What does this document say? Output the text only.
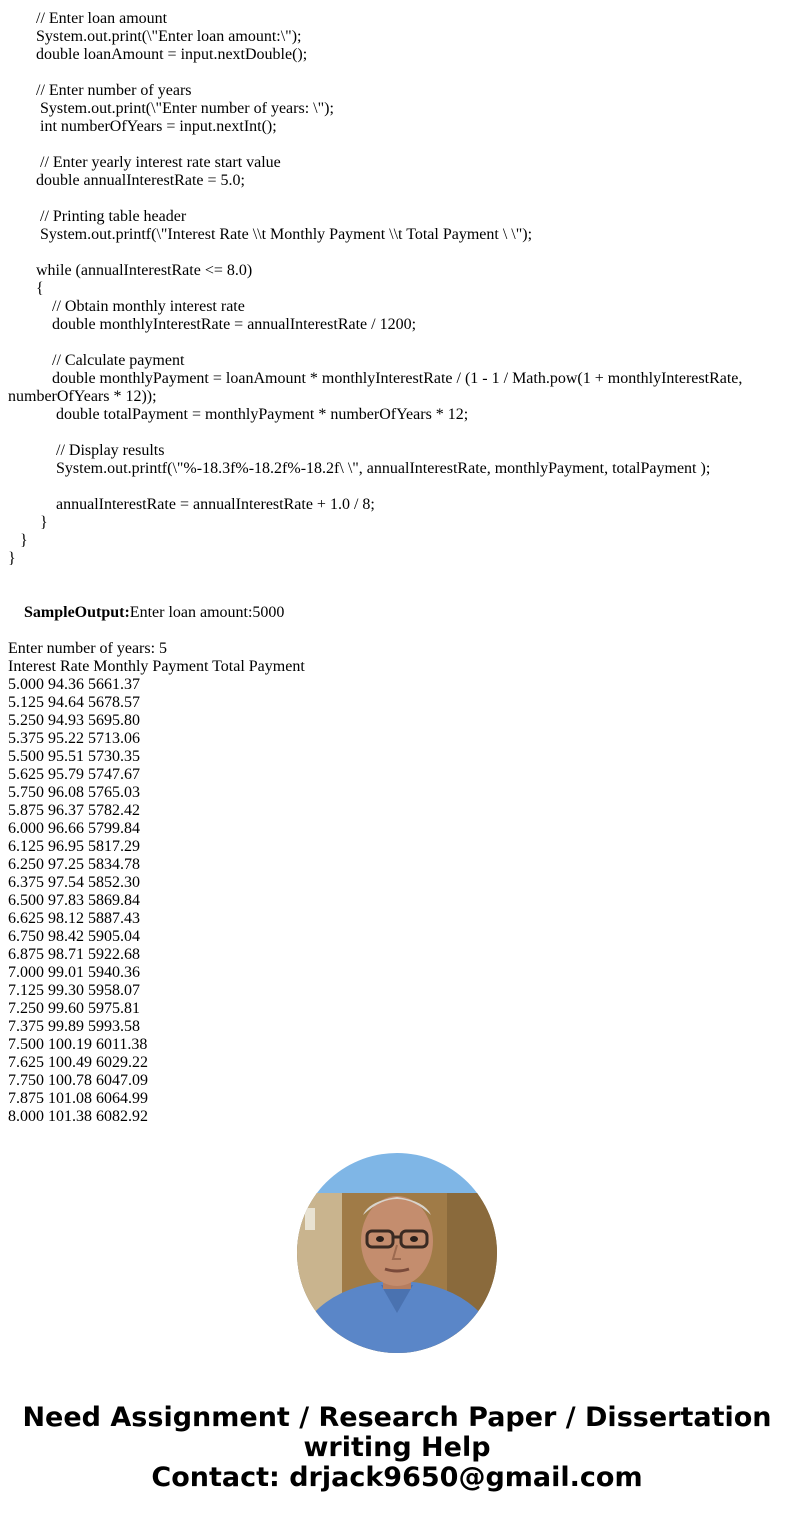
// Enter loan amount
System.out.print(\"Enter loan amount:\");
double loanAmount = input.nextDouble();
// Enter number of years
System.out.print(\"Enter number of years: \");
int numberOfYears = input.nextInt();
// Enter yearly interest rate start value
double annualInterestRate = 5.0;
// Printing table header
System.out.printf(\"Interest Rate \\t Monthly Payment \\t Total Payment \ \");
while (annualInterestRate <= 8.0)
{
// Obtain monthly interest rate
double monthlyInterestRate = annualInterestRate / 1200;
// Calculate payment
double monthlyPayment = loanAmount * monthlyInterestRate / (1 - 1 / Math.pow(1 + monthlyInterestRate, numberOfYears * 12));
double totalPayment = monthlyPayment * numberOfYears * 12;
// Display results
System.out.printf(\"%-18.3f%-18.2f%-18.2f\ \", annualInterestRate, monthlyPayment, totalPayment );
annualInterestRate = annualInterestRate + 1.0 / 8;
}
}
}

SampleOutput:Enter loan amount:5000

Enter number of years: 5
Interest Rate Monthly Payment Total Payment
5.000 94.36 5661.37
5.125 94.64 5678.57
5.250 94.93 5695.80
5.375 95.22 5713.06
5.500 95.51 5730.35
5.625 95.79 5747.67
5.750 96.08 5765.03
5.875 96.37 5782.42
6.000 96.66 5799.84
6.125 96.95 5817.29
6.250 97.25 5834.78
6.375 97.54 5852.30
6.500 97.83 5869.84
6.625 98.12 5887.43
6.750 98.42 5905.04
6.875 98.71 5922.68
7.000 99.01 5940.36
7.125 99.30 5958.07
7.250 99.60 5975.81
7.375 99.89 5993.58
7.500 100.19 6011.38
7.625 100.49 6029.22
7.750 100.78 6047.09
7.875 101.08 6064.99
8.000 101.38 6082.92
Need Assignment / Research Paper / Dissertation
writing Help
Contact: drjack9650@gmail.com
